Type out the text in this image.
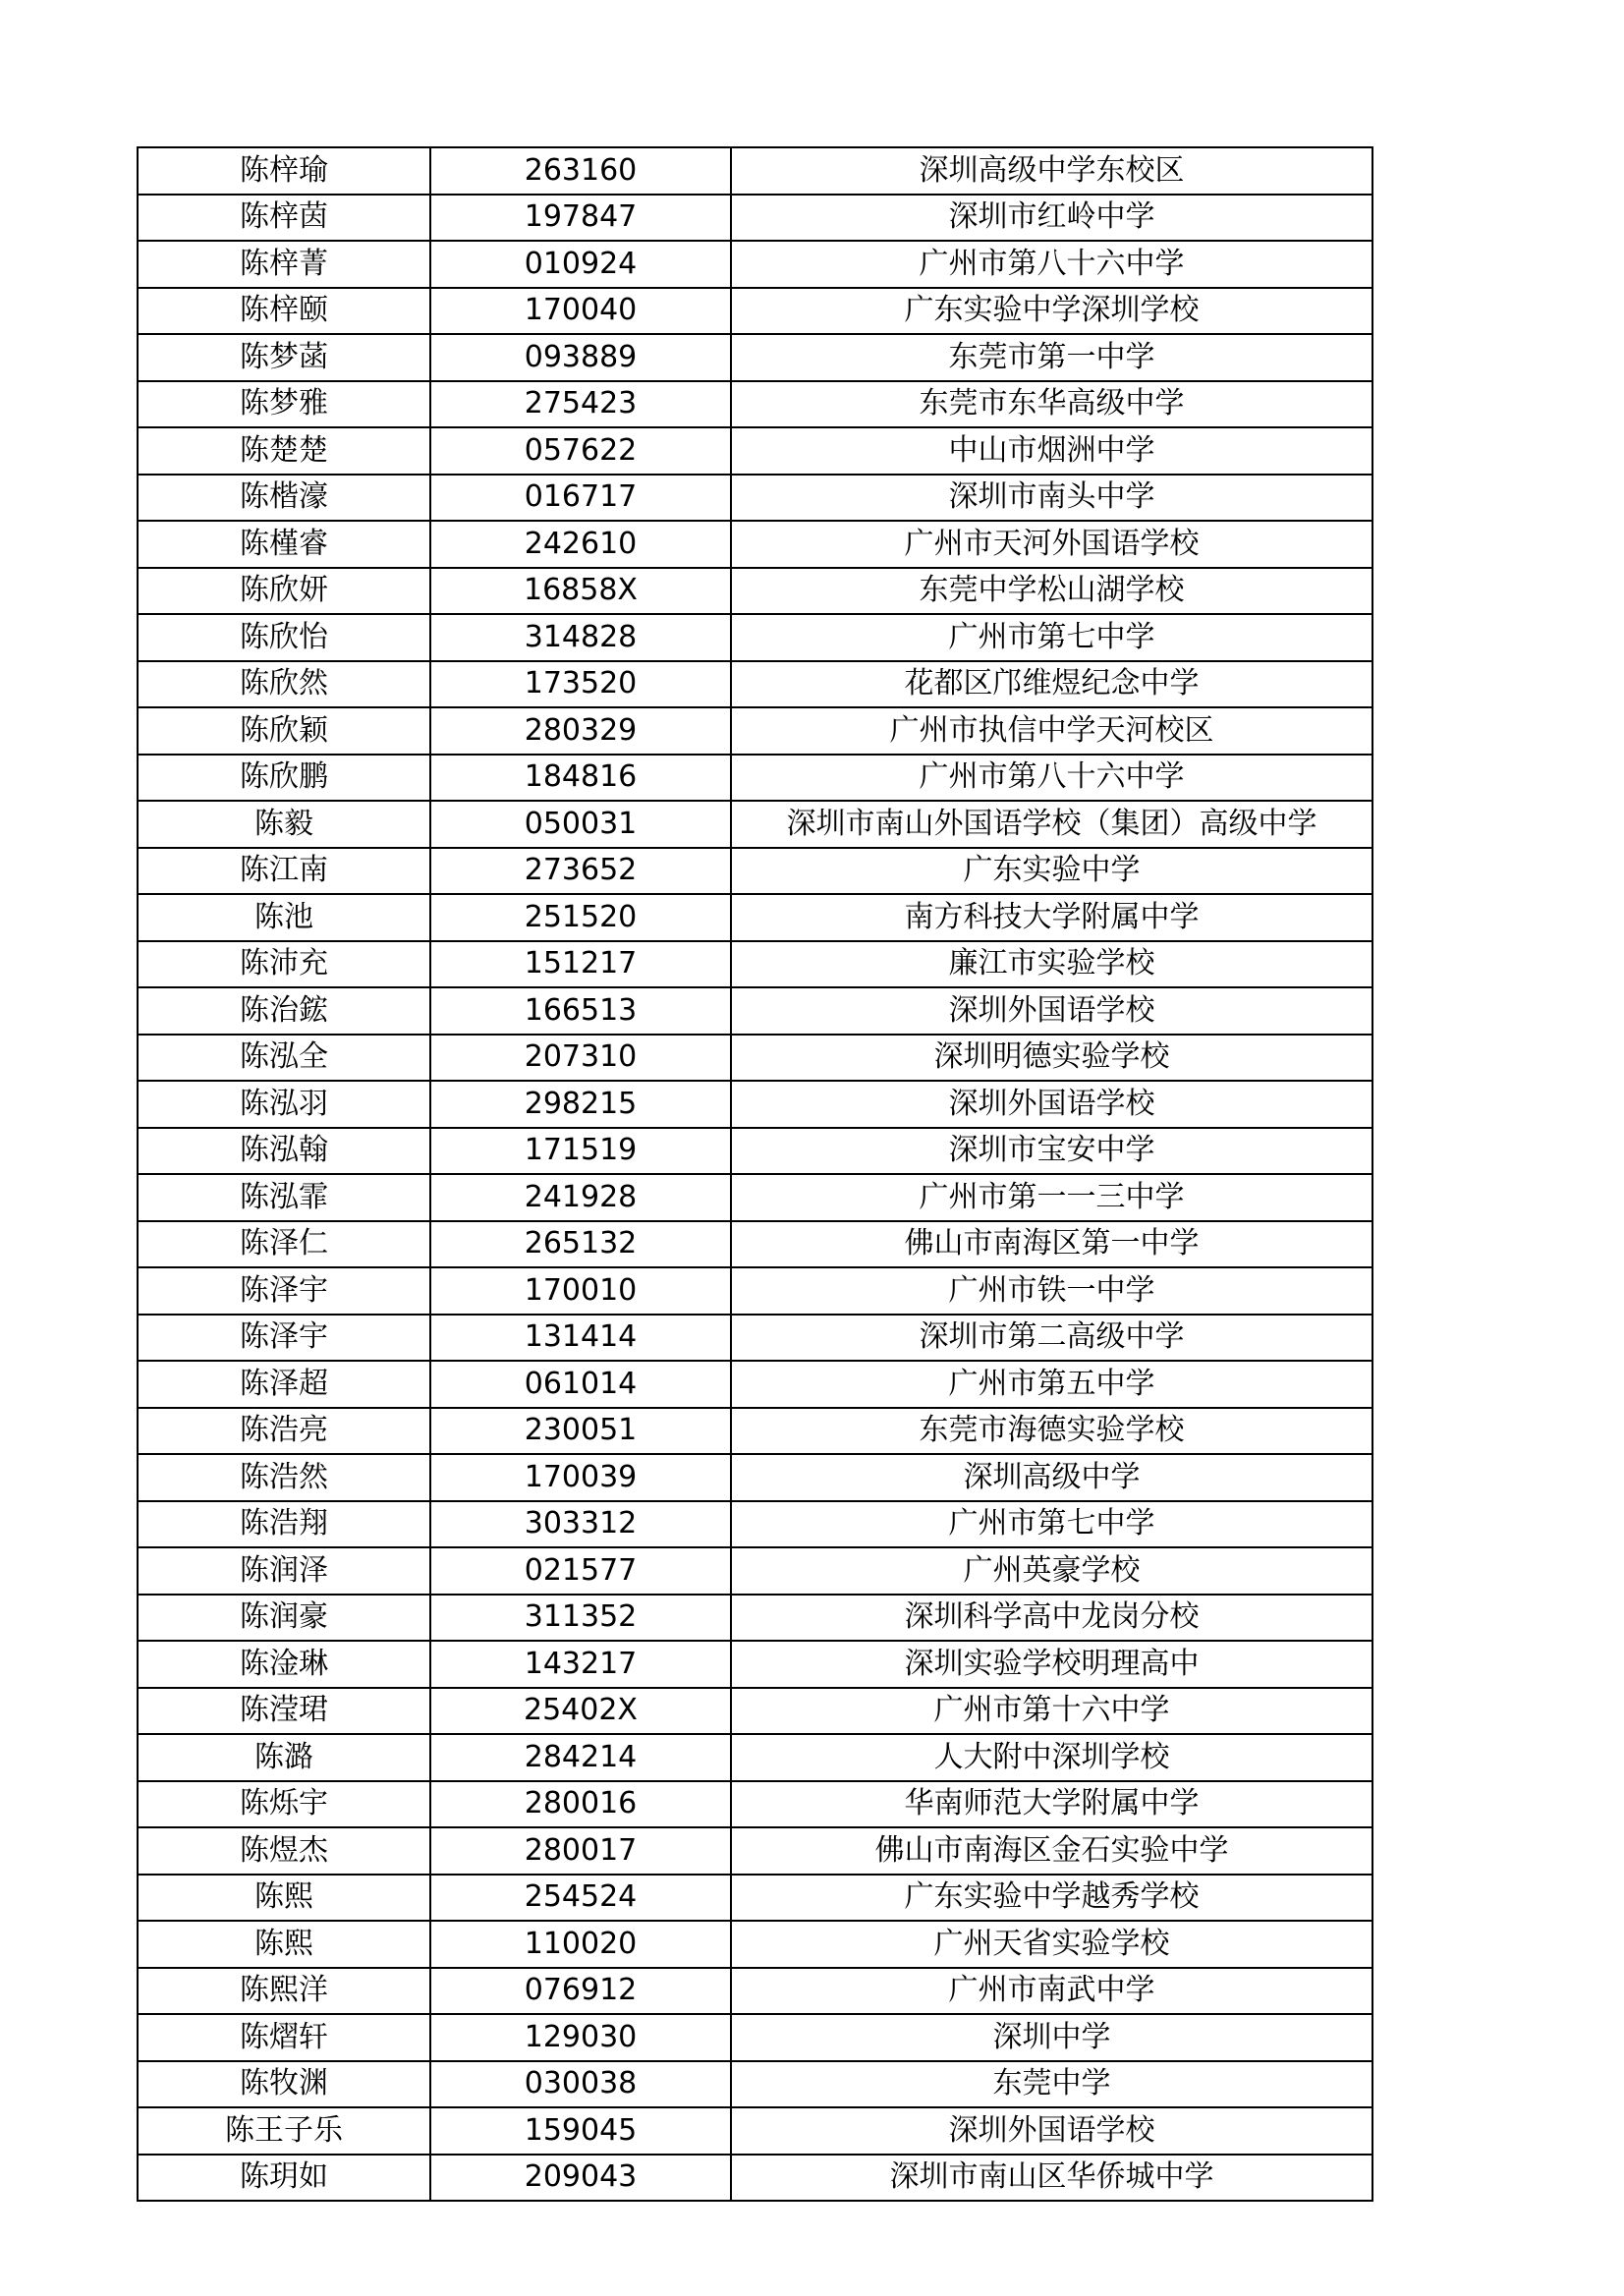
陈梓瑜	263160	深圳高级中学东校区
陈梓茵	197847	深圳市红岭中学
陈梓菁	010924	广州市第八十六中学
陈梓颐	170040	广东实验中学深圳学校
陈梦菡	093889	东莞市第一中学
陈梦雅	275423	东莞市东华高级中学
陈楚楚	057622	中山市烟洲中学
陈楷濠	016717	深圳市南头中学
陈槿睿	242610	广州市天河外国语学校
陈欣妍	16858X	东莞中学松山湖学校
陈欣怡	314828	广州市第七中学
陈欣然	173520	花都区邝维煜纪念中学
陈欣颖	280329	广州市执信中学天河校区
陈欣鹏	184816	广州市第八十六中学
陈毅	050031	深圳市南山外国语学校（集团）高级中学
陈江南	273652	广东实验中学
陈池	251520	南方科技大学附属中学
陈沛充	151217	廉江市实验学校
陈治鋐	166513	深圳外国语学校
陈泓全	207310	深圳明德实验学校
陈泓羽	298215	深圳外国语学校
陈泓翰	171519	深圳市宝安中学
陈泓霏	241928	广州市第一一三中学
陈泽仁	265132	佛山市南海区第一中学
陈泽宇	170010	广州市铁一中学
陈泽宇	131414	深圳市第二高级中学
陈泽超	061014	广州市第五中学
陈浩亮	230051	东莞市海德实验学校
陈浩然	170039	深圳高级中学
陈浩翔	303312	广州市第七中学
陈润泽	021577	广州英豪学校
陈润豪	311352	深圳科学高中龙岗分校
陈淦琳	143217	深圳实验学校明理高中
陈滢珺	25402X	广州市第十六中学
陈潞	284214	人大附中深圳学校
陈烁宇	280016	华南师范大学附属中学
陈煜杰	280017	佛山市南海区金石实验中学
陈熙	254524	广东实验中学越秀学校
陈熙	110020	广州天省实验学校
陈熙洋	076912	广州市南武中学
陈熠轩	129030	深圳中学
陈牧渊	030038	东莞中学
陈王子乐	159045	深圳外国语学校
陈玥如	209043	深圳市南山区华侨城中学
